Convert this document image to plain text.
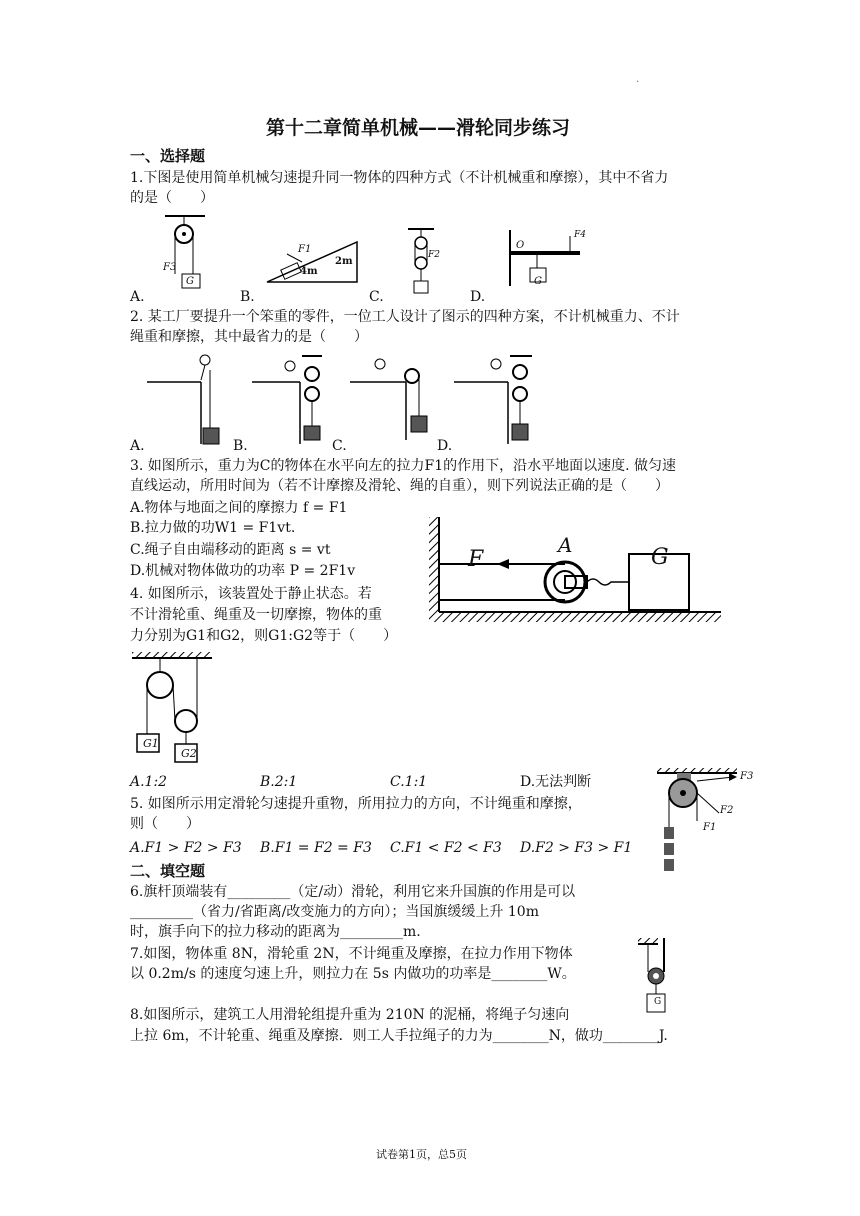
.
第十二章简单机械——滑轮同步练习
一、选择题
1.下图是使用简单机械匀速提升同一物体的四种方式（不计机械重和摩擦），其中不省力
的是（　　）
F3
G
F1
4m
2m
F2
O
F4
G
A.	B.	C.	D.
2. 某工厂要提升一个笨重的零件，一位工人设计了图示的四种方案，不计机械重力、不计
绳重和摩擦，其中最省力的是（　　）
A.	B.	C.	D.
3. 如图所示，重力为C的物体在水平向左的拉力F1的作用下，沿水平地面以速度. 做匀速
直线运动，所用时间为（若不计摩擦及滑轮、绳的自重），则下列说法正确的是（　　）
A.物体与地面之间的摩擦力 f = F1
B.拉力做的功W1 = F1vt.
C.绳子自由端移动的距离 s = vt
D.机械对物体做功的功率 P = 2F1v	F
A	G
4. 如图所示，该装置处于静止状态。若
不计滑轮重、绳重及一切摩擦，物体的重
力分别为G1和G2，则G1:G2等于（　　）
G1
G2
A.1:2	B.2:1	C.1:1	D.无法判断
5. 如图所示用定滑轮匀速提升重物，所用拉力的方向，不计绳重和摩擦，
则（　　）
A.F1 > F2 > F3 B.F1 = F2 = F3 C.F1 < F2 < F3 D.F2 > F3 > F1
F3
F2
F1
二、填空题
6.旗杆顶端装有_________（定/动）滑轮，利用它来升国旗的作用是可以
_________（省力/省距离/改变施力的方向）；当国旗缓缓上升 10m
时，旗手向下的拉力移动的距离为_________m.
7.如图，物体重 8N，滑轮重 2N，不计绳重及摩擦，在拉力作用下物体
以 0.2m/s 的速度匀速上升，则拉力在 5s 内做功的功率是________W。
G
8.如图所示，建筑工人用滑轮组提升重为 210N 的泥桶，将绳子匀速向
上拉 6m，不计轮重、绳重及摩擦．则工人手拉绳子的力为________N，做功________J.
试卷第1页，总5页
